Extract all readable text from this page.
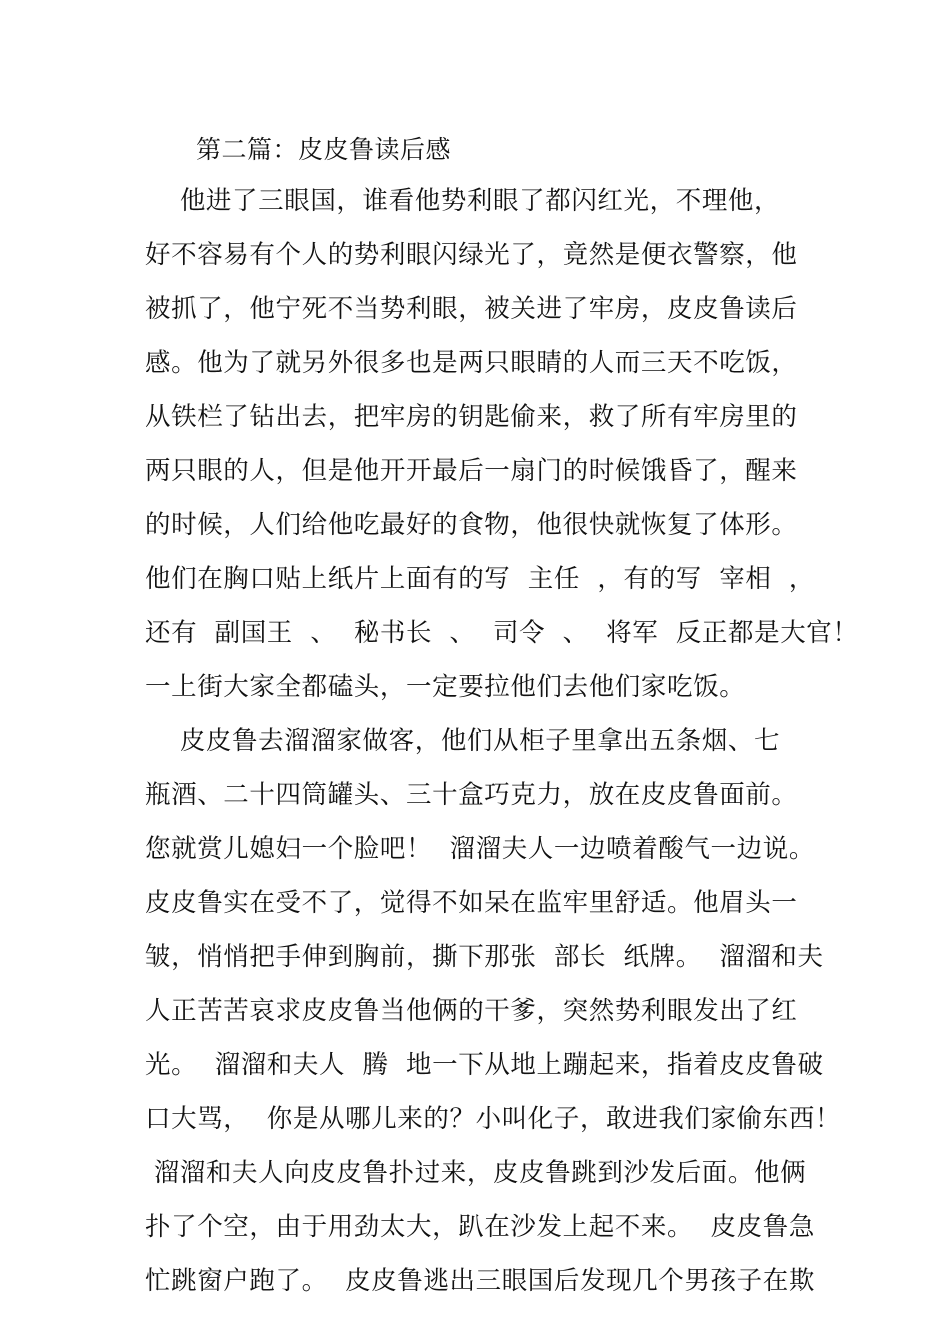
第二篇：皮皮鲁读后感
他进了三眼国，谁看他势利眼了都闪红光，不理他，
好不容易有个人的势利眼闪绿光了，竟然是便衣警察，他
被抓了，他宁死不当势利眼，被关进了牢房，皮皮鲁读后
感。他为了就另外很多也是两只眼睛的人而三天不吃饭，
从铁栏了钻出去，把牢房的钥匙偷来，救了所有牢房里的
两只眼的人，但是他开开最后一扇门的时候饿昏了，醒来
的时候，人们给他吃最好的食物，他很快就恢复了体形。
他们在胸口贴上纸片上面有的写  主任  ，有的写  宰相  ，
还有  副国王  、  秘书长  、  司令  、  将军  反正都是大官！
一上街大家全都磕头，一定要拉他们去他们家吃饭。
皮皮鲁去溜溜家做客，他们从柜子里拿出五条烟、七
瓶酒、二十四筒罐头、三十盒巧克力，放在皮皮鲁面前。
您就赏儿媳妇一个脸吧！  溜溜夫人一边喷着酸气一边说。
皮皮鲁实在受不了，觉得不如呆在监牢里舒适。他眉头一
皱，悄悄把手伸到胸前，撕下那张  部长  纸牌。  溜溜和夫
人正苦苦哀求皮皮鲁当他俩的干爹，突然势利眼发出了红
光。  溜溜和夫人  腾  地一下从地上蹦起来，指着皮皮鲁破
口大骂，  你是从哪儿来的？小叫化子，敢进我们家偷东西！
溜溜和夫人向皮皮鲁扑过来，皮皮鲁跳到沙发后面。他俩
扑了个空，由于用劲太大，趴在沙发上起不来。  皮皮鲁急
忙跳窗户跑了。  皮皮鲁逃出三眼国后发现几个男孩子在欺
